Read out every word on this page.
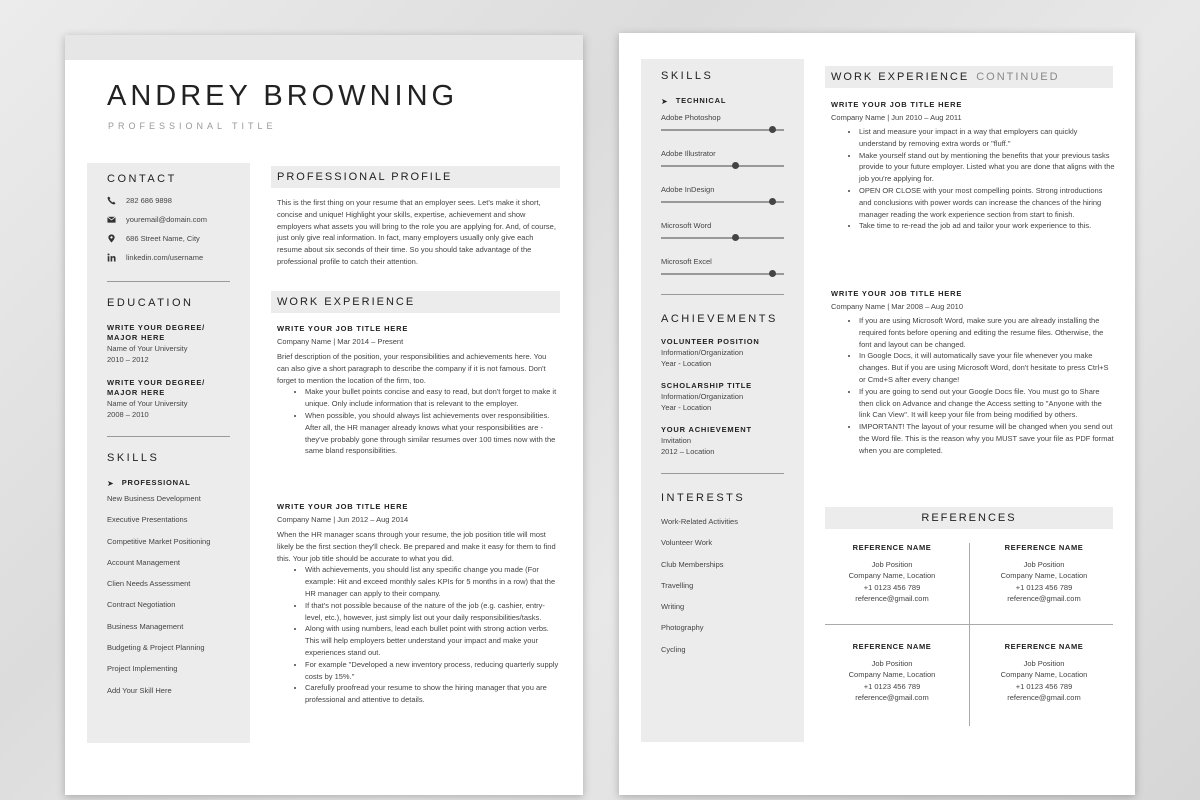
ANDREY BROWNING
PROFESSIONAL TITLE
CONTACT
282 686 9898
youremail@domain.com
686 Street Name, City
linkedin.com/username
EDUCATION
WRITE YOUR DEGREE/
MAJOR HERE
Name of Your University
2010 – 2012
WRITE YOUR DEGREE/
MAJOR HERE
Name of Your University
2008 – 2010
SKILLS
➤ PROFESSIONAL
New Business Development
Executive Presentations
Competitive Market Positioning
Account Management
Clien Needs Assessment
Contract Negotiation
Business Management
Budgeting & Project Planning
Project Implementing
Add Your Skill Here
PROFESSIONAL PROFILE

This is the first thing on your resume that an employer sees. Let's make it short, concise and unique! Highlight your skills, expertise, achievement and show employers what assets you will bring to the role you are applying for. And, of course, just only give real information. In fact, many employers usually only give each resume about six seconds of their time. So you should take advantage of the professional profile to catch their attention.

WORK EXPERIENCE
WRITE YOUR JOB TITLE HERE
Company Name | Mar 2014 – Present

Brief description of the position, your responsibilities and achievements here. You can also give a short paragraph to describe the company if it is not famous. Don't forget to mention the location of the firm, too.

• Make your bullet points concise and easy to read, but don't forget to make it unique. Only include information that is relevant to the employer.
• When possible, you should always list achievements over responsibilities. After all, the HR manager already knows what your responsibilities are - they've probably gone through similar resumes over 100 times now with the same bland responsibilities.
WRITE YOUR JOB TITLE HERE
Company Name | Jun 2012 – Aug 2014

When the HR manager scans through your resume, the job position title will most likely be the first section they'll check. Be prepared and make it easy for them to find this. Your job title should be accurate to what you did.

• With achievements, you should list any specific change you made (For example: Hit and exceed monthly sales KPIs for 5 months in a row) that the HR manager can apply to their company.
• If that's not possible because of the nature of the job (e.g. cashier, entry-level, etc.), however, just simply list out your daily responsibilities/tasks.
• Along with using numbers, lead each bullet point with strong action verbs. This will help employers better understand your impact and make your experiences stand out.
• For example "Developed a new inventory process, reducing quarterly supply costs by 15%."
• Carefully proofread your resume to show the hiring manager that you are professional and attentive to details.
SKILLS
➤ TECHNICAL
Adobe Photoshop
Adobe Illustrator
Adobe InDesign
Microsoft Word
Microsoft Excel
ACHIEVEMENTS
VOLUNTEER POSITION
Information/Organization
Year - Location
SCHOLARSHIP TITLE
Information/Organization
Year - Location
YOUR ACHIEVEMENT
Invitation
2012 – Location
INTERESTS
Work-Related Activities
Volunteer Work
Club Memberships
Travelling
Writing
Photography
Cycling
WORK EXPERIENCE CONTINUED
WRITE YOUR JOB TITLE HERE
Company Name | Jun 2010 – Aug 2011
• List and measure your impact in a way that employers can quickly understand by removing extra words or "fluff."
• Make yourself stand out by mentioning the benefits that your previous tasks provide to your future employer. Listed what you are done that aligns with the job you're applying for.
• OPEN OR CLOSE with your most compelling points. Strong introductions and conclusions with power words can increase the chances of the hiring manager reading the work experience section from start to finish.
• Take time to re-read the job ad and tailor your work experience to this.
WRITE YOUR JOB TITLE HERE
Company Name | Mar 2008 – Aug 2010
• If you are using Microsoft Word, make sure you are already installing the required fonts before opening and editing the resume files. Otherwise, the font and layout can be changed.
• In Google Docs, it will automatically save your file whenever you make changes. But if you are using Microsoft Word, don't hesitate to press Ctrl+S or Cmd+S after every change!
• If you are going to send out your Google Docs file. You must go to Share then click on Advance and change the Access setting to "Anyone with the link Can View". It will keep your file from being modified by others.
• IMPORTANT! The layout of your resume will be changed when you send out the Word file. This is the reason why you MUST save your file as PDF format when you are completed.
REFERENCES
REFERENCE NAME
Job Position
Company Name, Location
+1 0123 456 789
reference@gmail.com
REFERENCE NAME
Job Position
Company Name, Location
+1 0123 456 789
reference@gmail.com
REFERENCE NAME
Job Position
Company Name, Location
+1 0123 456 789
reference@gmail.com
REFERENCE NAME
Job Position
Company Name, Location
+1 0123 456 789
reference@gmail.com
